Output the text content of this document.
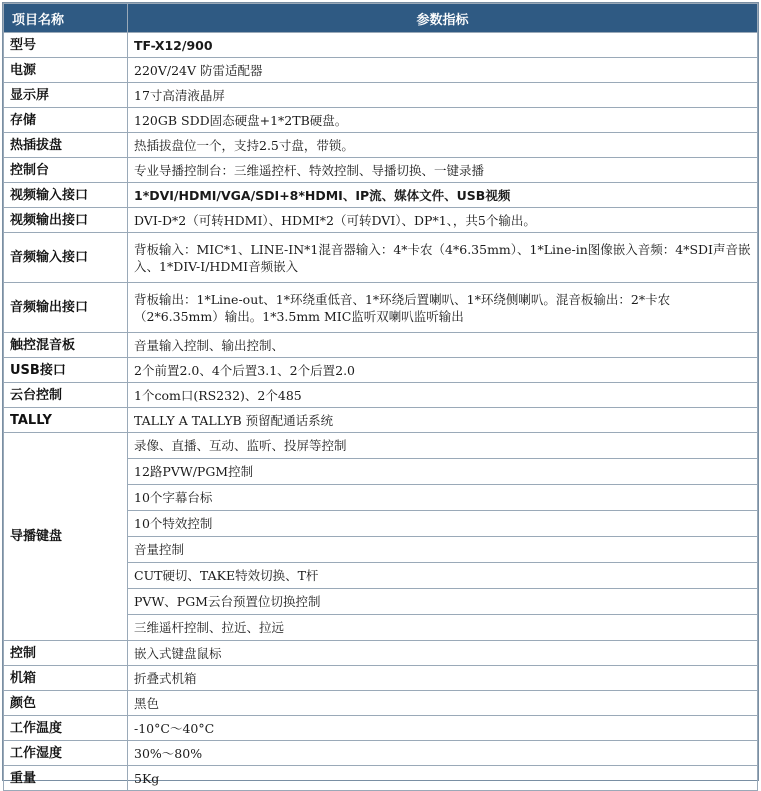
项目名称	参数指标
型号	TF-X12/900
电源	220V/24V 防雷适配器
显示屏	17寸高清液晶屏
存储	120GB SDD固态硬盘+1*2TB硬盘。
热插拔盘	热插拔盘位一个，支持2.5寸盘，带锁。
控制台	专业导播控制台：三维遥控杆、特效控制、导播切换、一键录播
视频输入接口	1*DVI/HDMI/VGA/SDI+8*HDMI、IP流、媒体文件、USB视频
视频输出接口	DVI-D*2（可转HDMI）、HDMI*2（可转DVI）、DP*1、，共5个输出。
音频输入接口	背板输入：MIC*1、LINE-IN*1混音器输入：4*卡农（4*6.35mm）、1*Line-in图像嵌入音频：4*SDI声音嵌入、1*DIV-I/HDMI音频嵌入

音频输出接口	背板输出：1*Line-out、1*环绕重低音、1*环绕后置喇叭、1*环绕侧喇叭。混音板输出：2*卡农（2*6.35mm）输出。1*3.5mm MIC监听双喇叭监听输出

触控混音板	音量输入控制、输出控制、
USB接口	2个前置2.0、4个后置3.1、2个后置2.0
云台控制	1个com口(RS232)、2个485
TALLY	TALLY A TALLYB 预留配通话系统
导播键盘	录像、直播、互动、监听、投屏等控制
	12路PVW/PGM控制
	10个字幕台标
	10个特效控制
	音量控制
	CUT硬切、TAKE特效切换、T杆
	PVW、PGM云台预置位切换控制
	三维遥杆控制、拉近、拉远
控制	嵌入式键盘鼠标
机箱	折叠式机箱
颜色	黑色
工作温度	-10°C～40°C
工作湿度	30%～80%
重量	5Kg
